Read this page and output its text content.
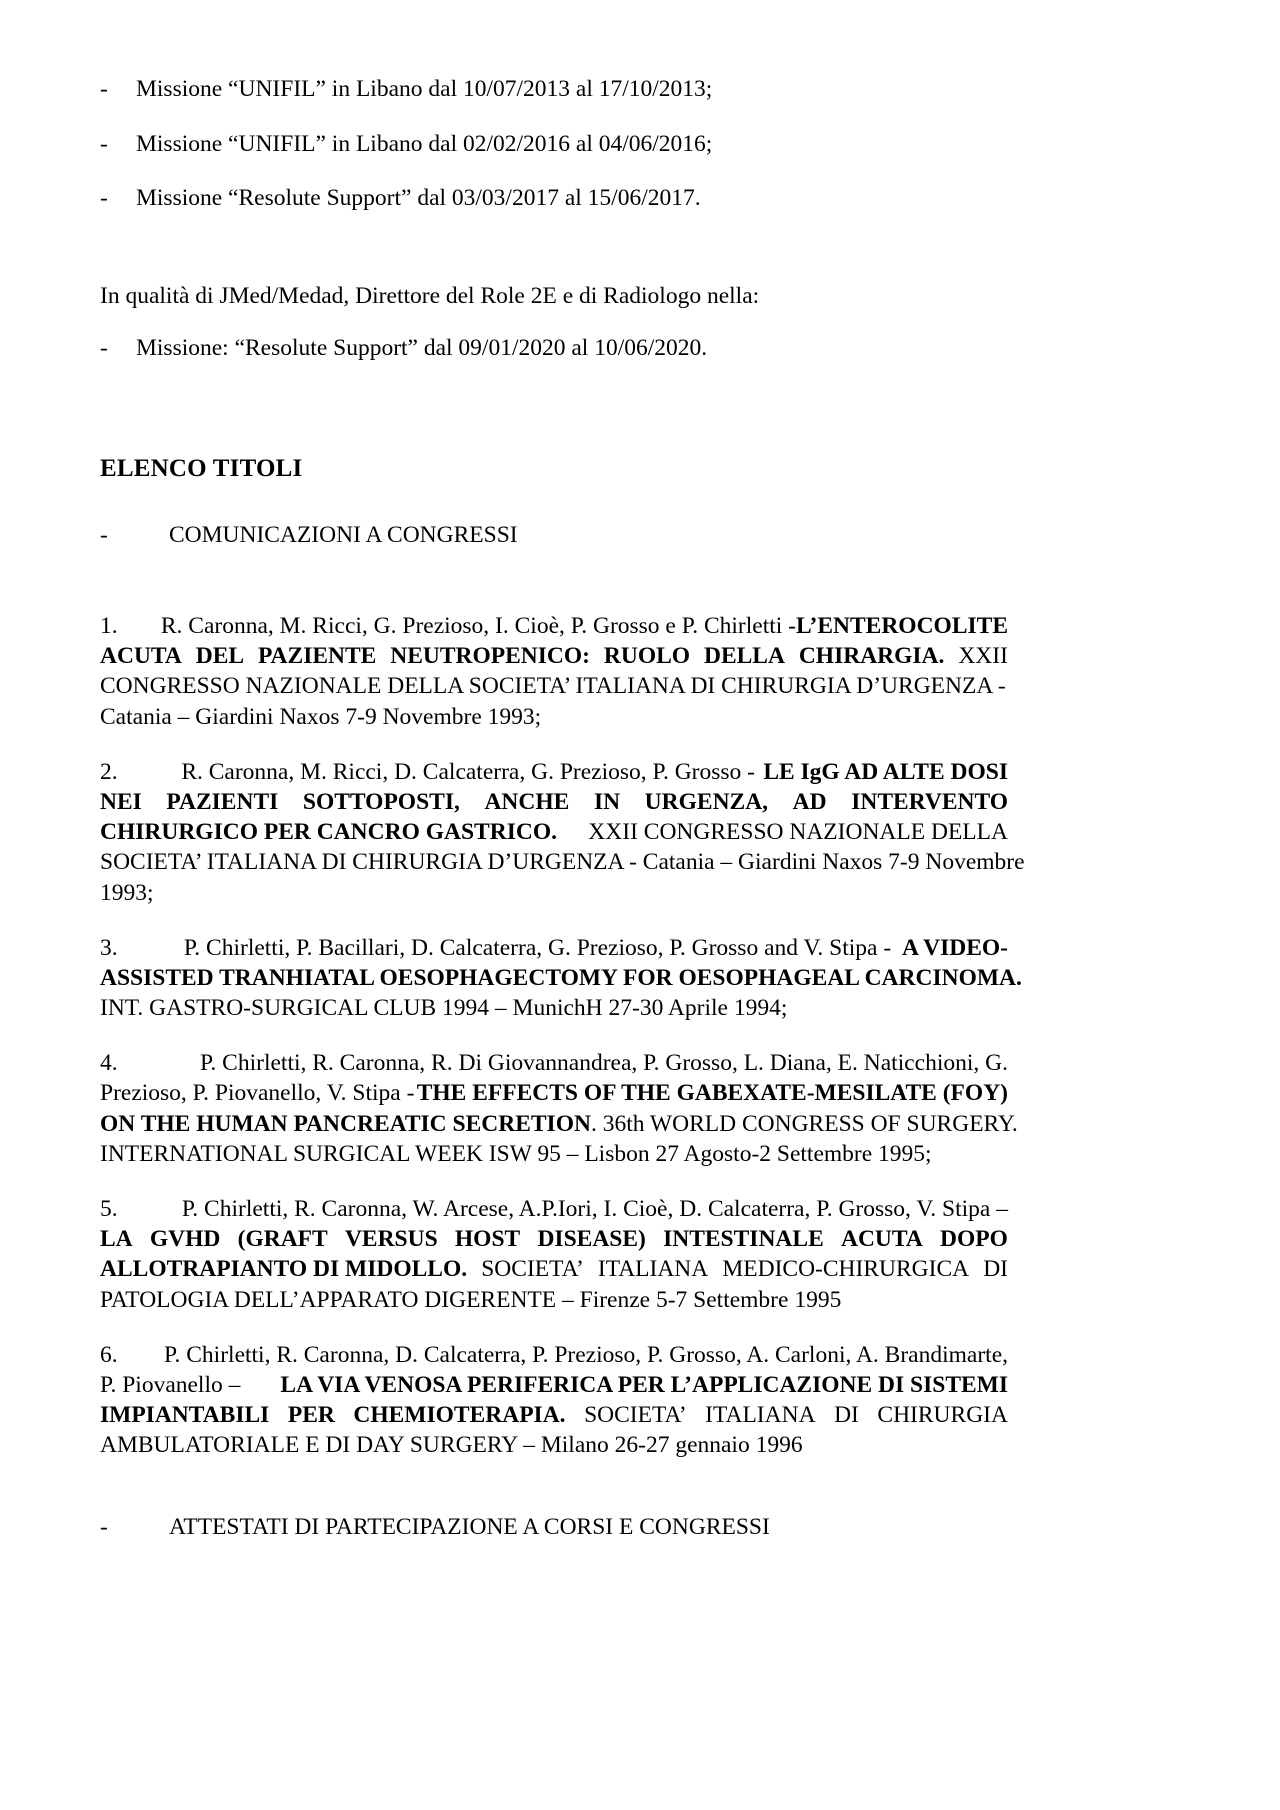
-	Missione “UNIFIL” in Libano dal 10/07/2013 al 17/10/2013;
-	Missione “UNIFIL” in Libano dal 02/02/2016 al 04/06/2016;
-	Missione “Resolute Support” dal 03/03/2017 al 15/06/2017.
In qualità di JMed/Medad, Direttore del Role 2E e di Radiologo nella:
-	Missione: “Resolute Support” dal 09/01/2020 al 10/06/2020.
ELENCO TITOLI
-	COMUNICAZIONI A CONGRESSI
1.	R. Caronna, M. Ricci, G. Prezioso, I. Cioè, P. Grosso e P. Chirletti - L’ENTEROCOLITE
ACUTA DEL PAZIENTE NEUTROPENICO: RUOLO DELLA CHIRARGIA. XXII
CONGRESSO NAZIONALE DELLA SOCIETA’ ITALIANA DI CHIRURGIA D’URGENZA -
Catania – Giardini Naxos 7-9 Novembre 1993;
2.	R. Caronna, M. Ricci, D. Calcaterra, G. Prezioso, P. Grosso - LE IgG AD ALTE DOSI
NEI PAZIENTI SOTTOPOSTI, ANCHE IN URGENZA, AD INTERVENTO
CHIRURGICO PER CANCRO GASTRICO. XXII CONGRESSO NAZIONALE DELLA
SOCIETA’ ITALIANA DI CHIRURGIA D’URGENZA - Catania – Giardini Naxos 7-9 Novembre
1993;
3.	P. Chirletti, P. Bacillari, D. Calcaterra, G. Prezioso, P. Grosso and V. Stipa - A VIDEO-
ASSISTED TRANHIATAL OESOPHAGECTOMY FOR OESOPHAGEAL CARCINOMA.
INT. GASTRO-SURGICAL CLUB 1994 – MunichH 27-30 Aprile 1994;
4.	P. Chirletti, R. Caronna, R. Di Giovannandrea, P. Grosso, L. Diana, E. Naticchioni, G.
Prezioso, P. Piovanello, V. Stipa - THE EFFECTS OF THE GABEXATE-MESILATE (FOY)
ON THE HUMAN PANCREATIC SECRETION . 36th WORLD CONGRESS OF SURGERY.
INTERNATIONAL SURGICAL WEEK ISW 95 – Lisbon 27 Agosto-2 Settembre 1995;
5.	P. Chirletti, R. Caronna, W. Arcese, A.P.Iori, I. Cioè, D. Calcaterra, P. Grosso, V. Stipa –
LA GVHD (GRAFT VERSUS HOST DISEASE) INTESTINALE ACUTA DOPO
ALLOTRAPIANTO DI MIDOLLO. SOCIETA’ ITALIANA MEDICO-CHIRURGICA DI
PATOLOGIA DELL’APPARATO DIGERENTE – Firenze 5-7 Settembre 1995
6.	P. Chirletti, R. Caronna, D. Calcaterra, P. Prezioso, P. Grosso, A. Carloni, A. Brandimarte,
P. Piovanello – LA VIA VENOSA PERIFERICA PER L’APPLICAZIONE DI SISTEMI
IMPIANTABILI PER CHEMIOTERAPIA. SOCIETA’ ITALIANA DI CHIRURGIA
AMBULATORIALE E DI DAY SURGERY – Milano 26-27 gennaio 1996
-	ATTESTATI DI PARTECIPAZIONE A CORSI E CONGRESSI
